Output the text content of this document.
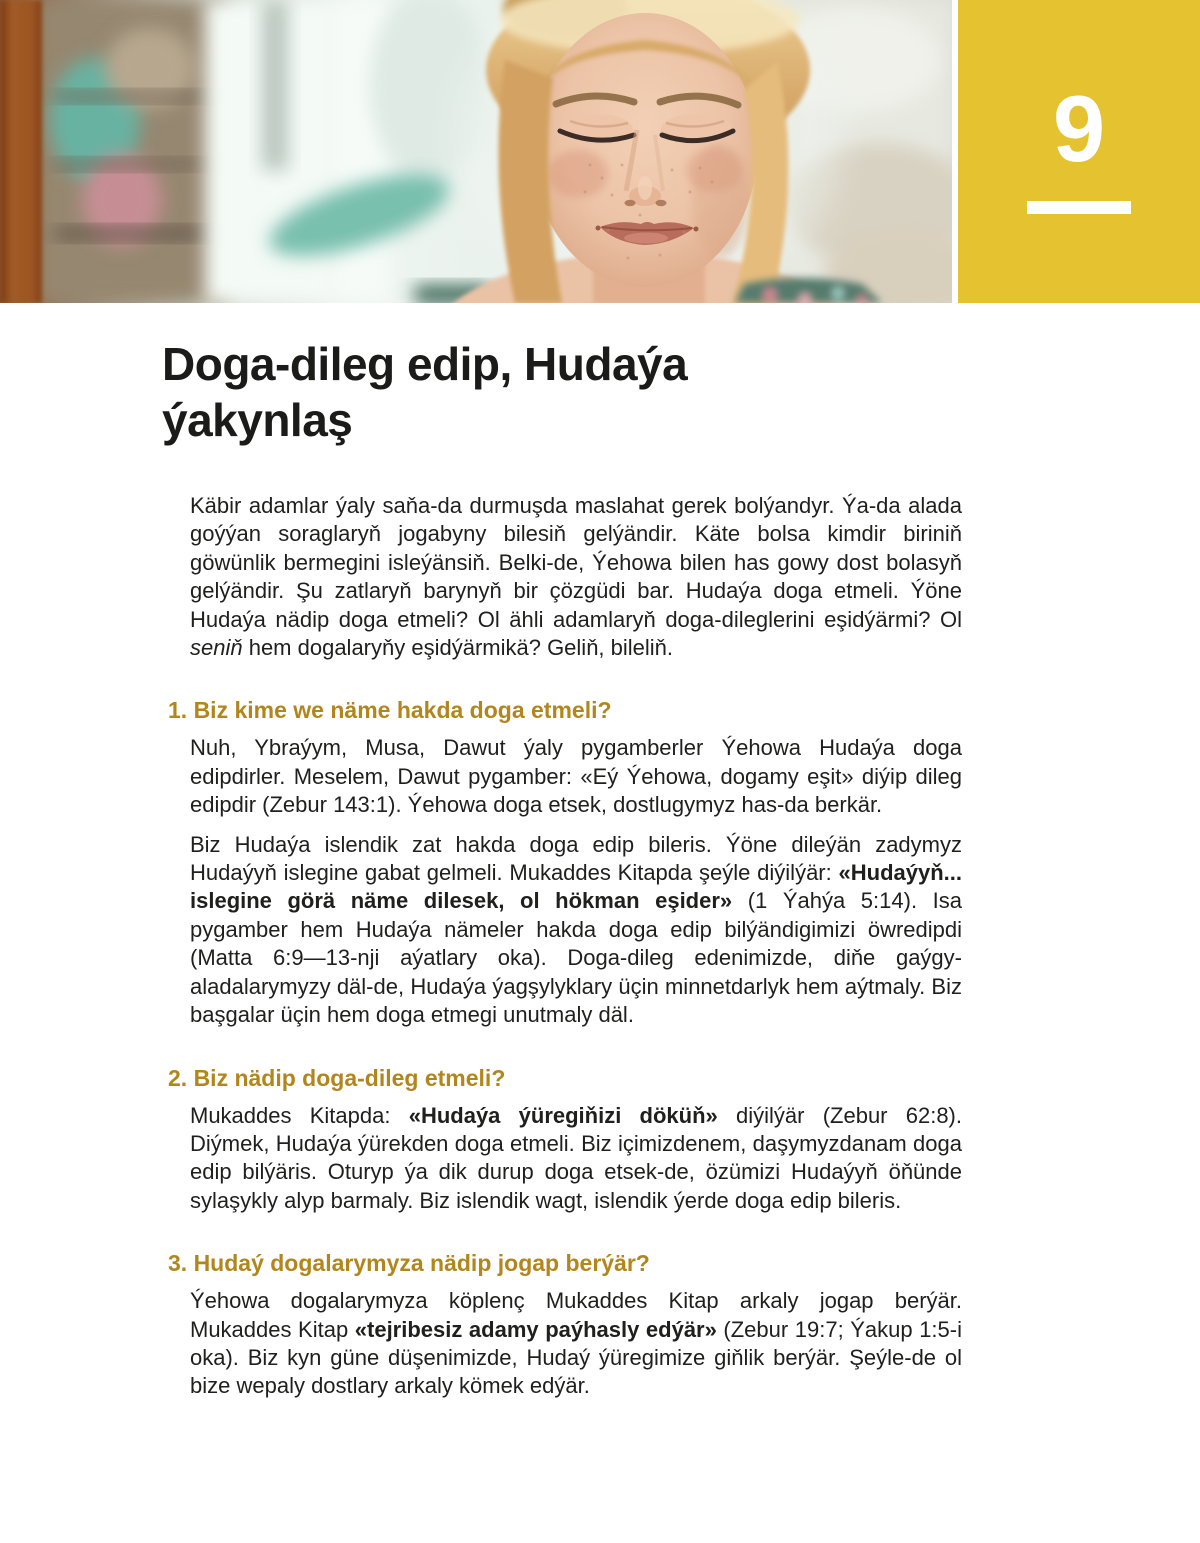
9
Doga-dileg edip, Hudaýa ýakynlaş

Käbir adamlar ýaly saňa-da durmuşda maslahat gerek bolýandyr. Ýa-da alada goýýan soraglaryň jogabyny bilesiň gelýändir. Käte bolsa kimdir biriniň göwünlik bermegini isleýänsiň. Belki-de, Ýehowa bilen has gowy dost bolasyň gelýändir. Şu zatlaryň barynyň bir çözgüdi bar. Hudaýa doga etmeli. Ýöne Hudaýa nädip doga etmeli? Ol ähli adamlaryň doga-dileglerini eşidýärmi? Ol seniň hem dogalaryňy eşidýärmikä? Geliň, bileliň.

1. Biz kime we näme hakda doga etmeli?

Nuh, Ybraýym, Musa, Dawut ýaly pygamberler Ýehowa Hudaýa doga edipdirler. Meselem, Dawut pygamber: «Eý Ýehowa, dogamy eşit» diýip dileg edipdir (Zebur 143:1). Ýehowa doga etsek, dostlugymyz has-da berkär.

Biz Hudaýa islendik zat hakda doga edip bileris. Ýöne dileýän zadymyz Hudaýyň islegine gabat gelmeli. Mukaddes Kitapda şeýle diýilýär: «Hudaýyň... islegine görä näme dilesek, ol hökman eşider» (1 Ýahýa 5:14). Isa pygamber hem Hudaýa nämeler hakda doga edip bilýändigimizi öwredipdi (Matta 6:9—13-nji aýatlary oka). Doga-dileg edenimizde, diňe gaýgy-aladalarymyzy däl-de, Hudaýa ýagşylyklary üçin minnetdarlyk hem aýtmaly. Biz başgalar üçin hem doga etmegi unutmaly däl.

2. Biz nädip doga-dileg etmeli?

Mukaddes Kitapda: «Hudaýa ýüregiňizi döküň» diýilýär (Zebur 62:8). Diýmek, Hudaýa ýürekden doga etmeli. Biz içimizdenem, daşymyzdanam doga edip bilýäris. Oturyp ýa dik durup doga etsek-de, özümizi Hudaýyň öňünde sylaşykly alyp barmaly. Biz islendik wagt, islendik ýerde doga edip bileris.

3. Hudaý dogalarymyza nädip jogap berýär?

Ýehowa dogalarymyza köplenç Mukaddes Kitap arkaly jogap berýär. Mukaddes Kitap «tejribesiz adamy paýhasly edýär» (Zebur 19:7; Ýakup 1:5-i oka). Biz kyn güne düşenimizde, Hudaý ýüregimize giňlik berýär. Şeýle-de ol bize wepaly dostlary arkaly kömek edýär.
